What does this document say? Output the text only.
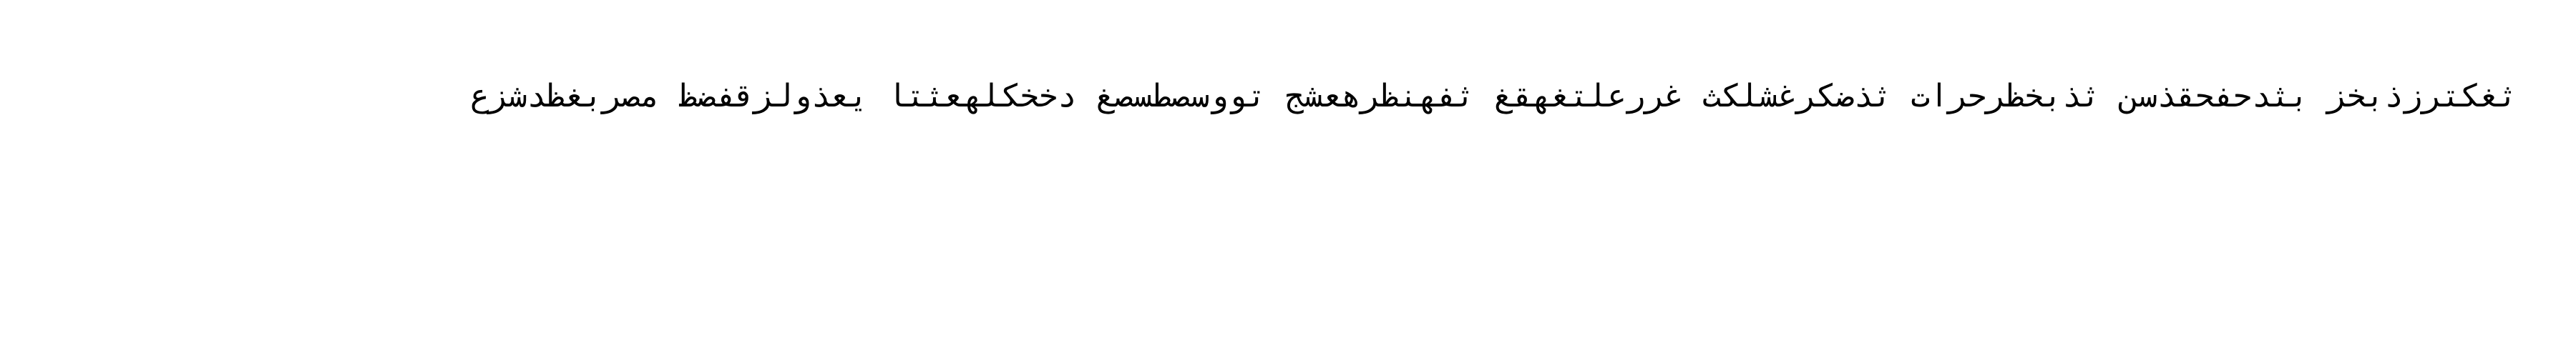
ثغكترزذبخز بثدحفحقذسن ثذبخظرحرات ثذضكرغشلكث غررعلتغهقغ ثفهنظرهعشج تووسصطسصغ دخخكلهعثتا يعذولزقفضظ مصربغظدشزع
